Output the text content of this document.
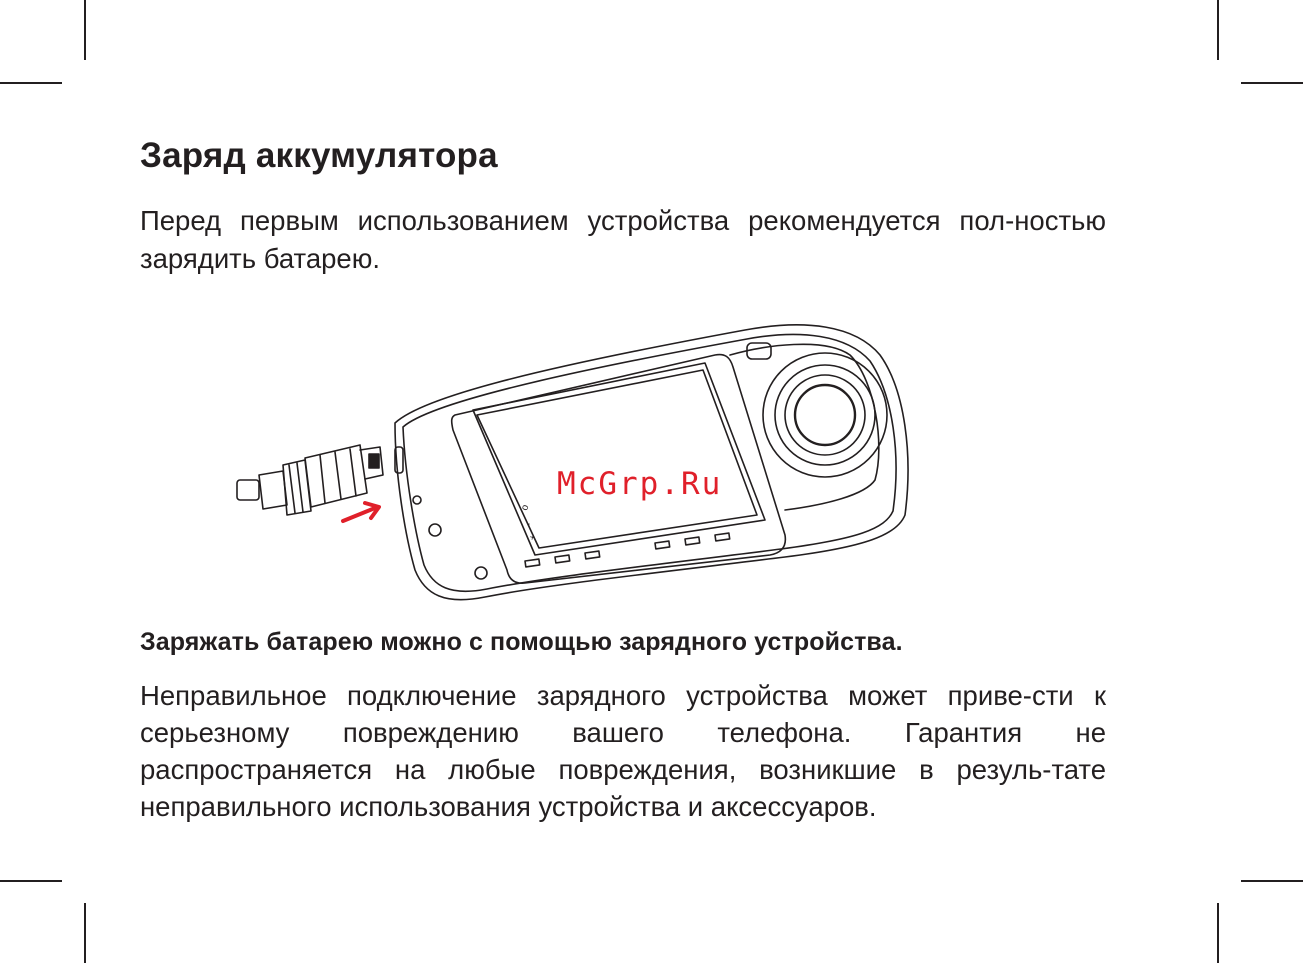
Заряд аккумулятора

Перед первым использованием устройства рекомендуется пол-ностью зарядить батарею.

o
-
+
McGrp.Ru
Заряжать батарею можно с помощью зарядного устройства.

Неправильное подключение зарядного устройства может приве-сти к серьезному повреждению вашего телефона. Гарантия не распространяется на любые повреждения, возникшие в резуль-тате неправильного использования устройства и аксессуаров.
